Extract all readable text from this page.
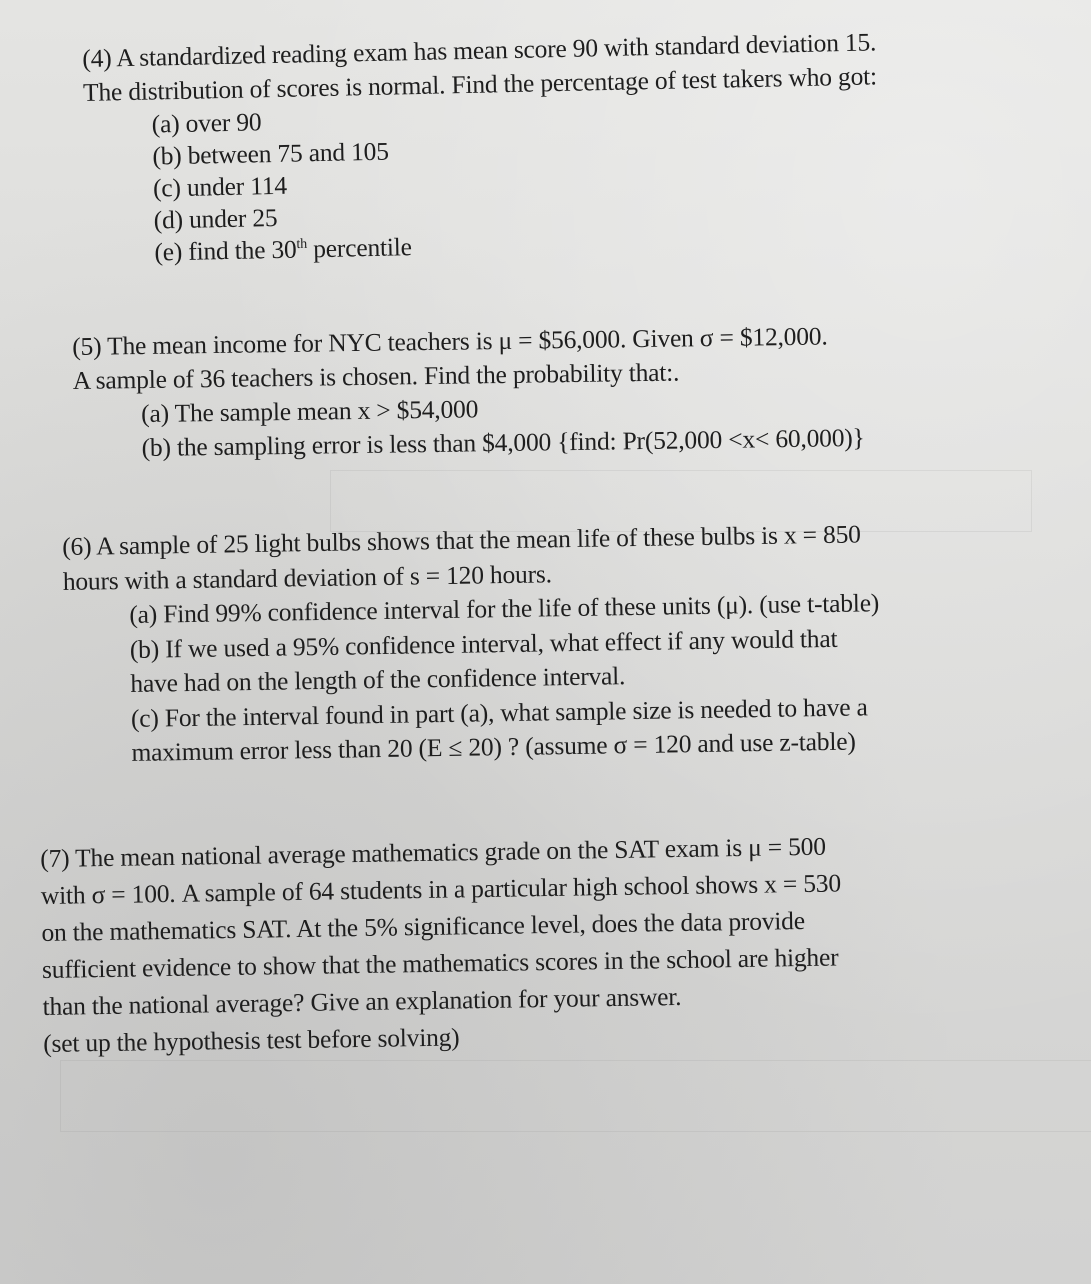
(4) A standardized reading exam has mean score 90 with standard deviation 15.
The distribution of scores is normal. Find the percentage of test takers who got:
(a) over 90
(b) between 75 and 105
(c) under 114
(d) under 25
(e) find the 30th percentile
(5) The mean income for NYC teachers is μ = $56,000. Given σ = $12,000.
A sample of 36 teachers is chosen. Find the probability that:.
(a) The sample mean x > $54,000
(b) the sampling error is less than $4,000 {find: Pr(52,000 <x< 60,000)}
(6) A sample of 25 light bulbs shows that the mean life of these bulbs is x = 850
hours with a standard deviation of s = 120 hours.
(a) Find 99% confidence interval for the life of these units (μ). (use t-table)
(b) If we used a 95% confidence interval, what effect if any would that
have had on the length of the confidence interval.
(c) For the interval found in part (a), what sample size is needed to have a
maximum error less than 20 (E ≤ 20) ? (assume σ = 120 and use z-table)
(7) The mean national average mathematics grade on the SAT exam is μ = 500
with σ = 100. A sample of 64 students in a particular high school shows x = 530
on the mathematics SAT. At the 5% significance level, does the data provide
sufficient evidence to show that the mathematics scores in the school are higher
than the national average? Give an explanation for your answer.
(set up the hypothesis test before solving)
